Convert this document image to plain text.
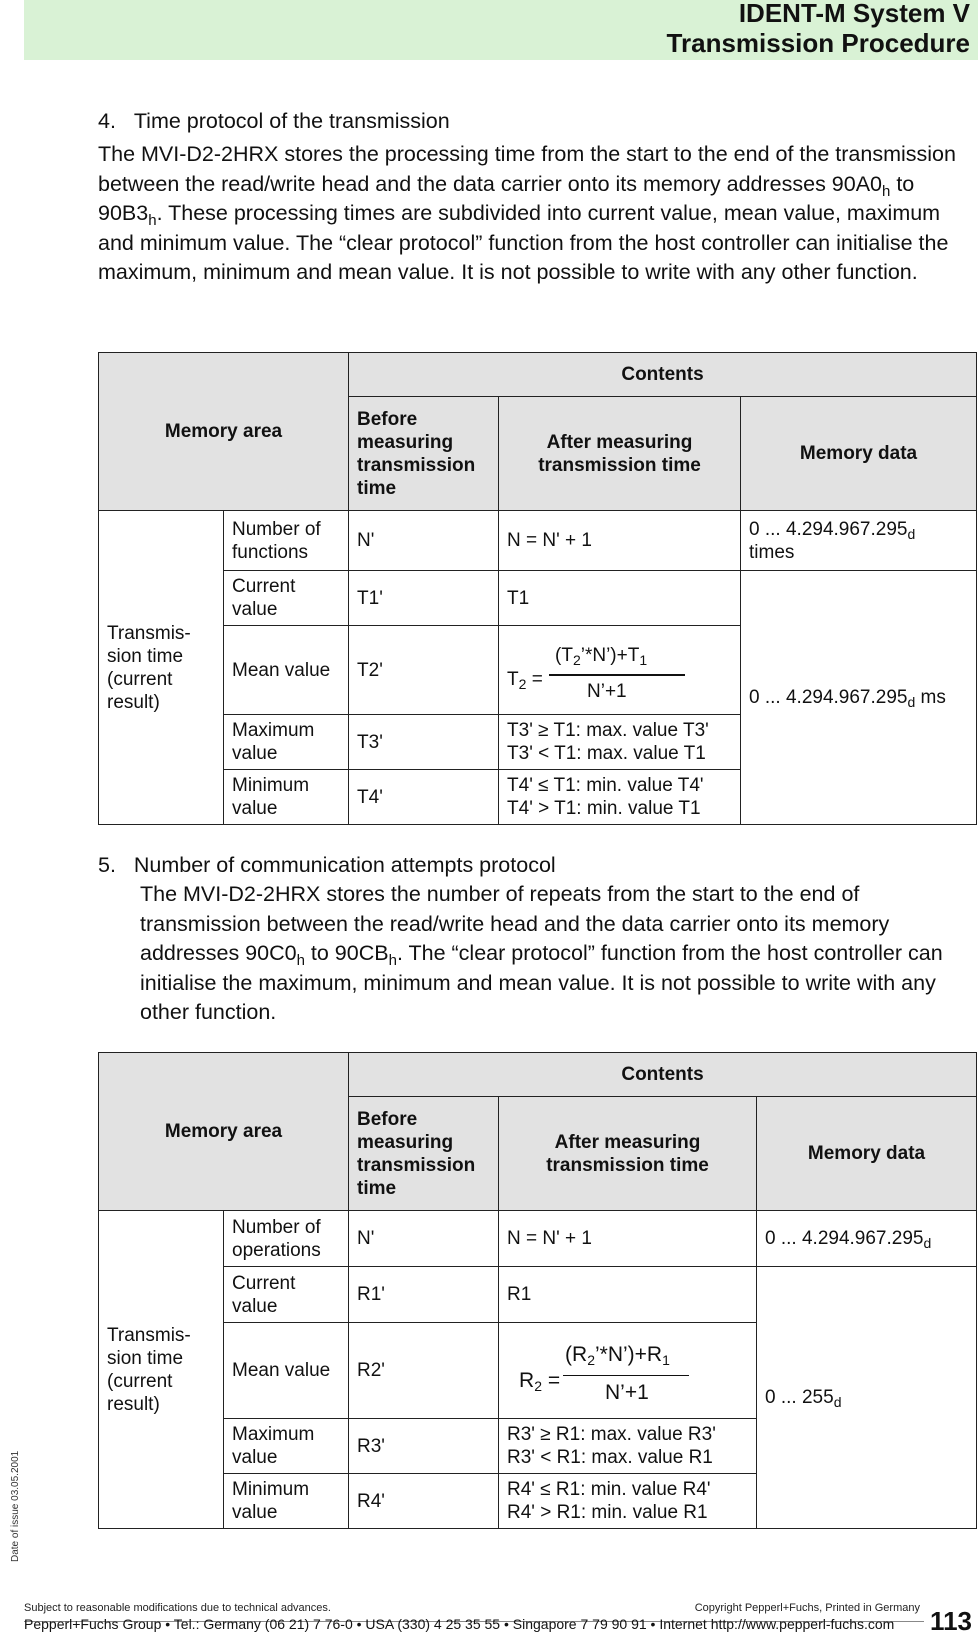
IDENT-M System V
Transmission Procedure
4.   Time protocol of the transmission
The MVI-D2-2HRX stores the processing time from the start to the end of the transmission between the read/write head and the data carrier onto its memory addresses $90A0_h$ to $90B3_h$. These processing times are subdivided into current value, mean value, maximum and minimum value. The “clear protocol” function from the host controller can initialise the maximum, minimum and mean value. It is not possible to write with any other function.
Memory area		Contents		
		Before measuring transmission time	After measuring transmission time	Memory data
Transmis-sion time (current result)	Number of functions	N'	N = N' + 1	0 ... $4.294.967.295_d$
times
	Current value	T1'	T1	0 ... $4.294.967.295_d$ ms
	Mean value	T2'	$T_2$ =
$(T_2’*N’)+T_1$
N’+1	

	Maximum value	T3'	T3' ≥ T1: max. value T3'
T3' < T1: max. value T1	
	Minimum value	T4'	T4' ≤ T1: min. value T4'
T4' > T1: min. value T1	
5.   Number of communication attempts protocol
The MVI-D2-2HRX stores the number of repeats from the start to the end of transmission between the read/write head and the data carrier onto its memory addresses $90C0_h$ to $90CB_h$. The “clear protocol” function from the host controller can initialise the maximum, minimum and mean value. It is not possible to write with any other function.
Memory area		Contents		
		Before measuring transmission time	After measuring transmission time	Memory data
Transmis-sion time (current result)	Number of operations	N'	N = N' + 1	0 ... $4.294.967.295_d$
	Current value	R1'	R1	0 ... $255_d$
	Mean value	R2'	$R_2$ =
$(R_2’*N’)+R_1$
N’+1	

	Maximum value	R3'	R3' ≥ R1: max. value R3'
R3' < R1: max. value R1	
	Minimum value	R4'	R4' ≤ R1: min. value R4'
R4' > R1: min. value R1	
Date of issue 03.05.2001
Subject to reasonable modifications due to technical advances.	Copyright Pepperl+Fuchs, Printed in Germany
Pepperl+Fuchs Group • Tel.: Germany (06 21) 7 76-0 • USA (330) 4 25 35 55 • Singapore 7 79 90 91 • Internet http://www.pepperl-fuchs.com 113
